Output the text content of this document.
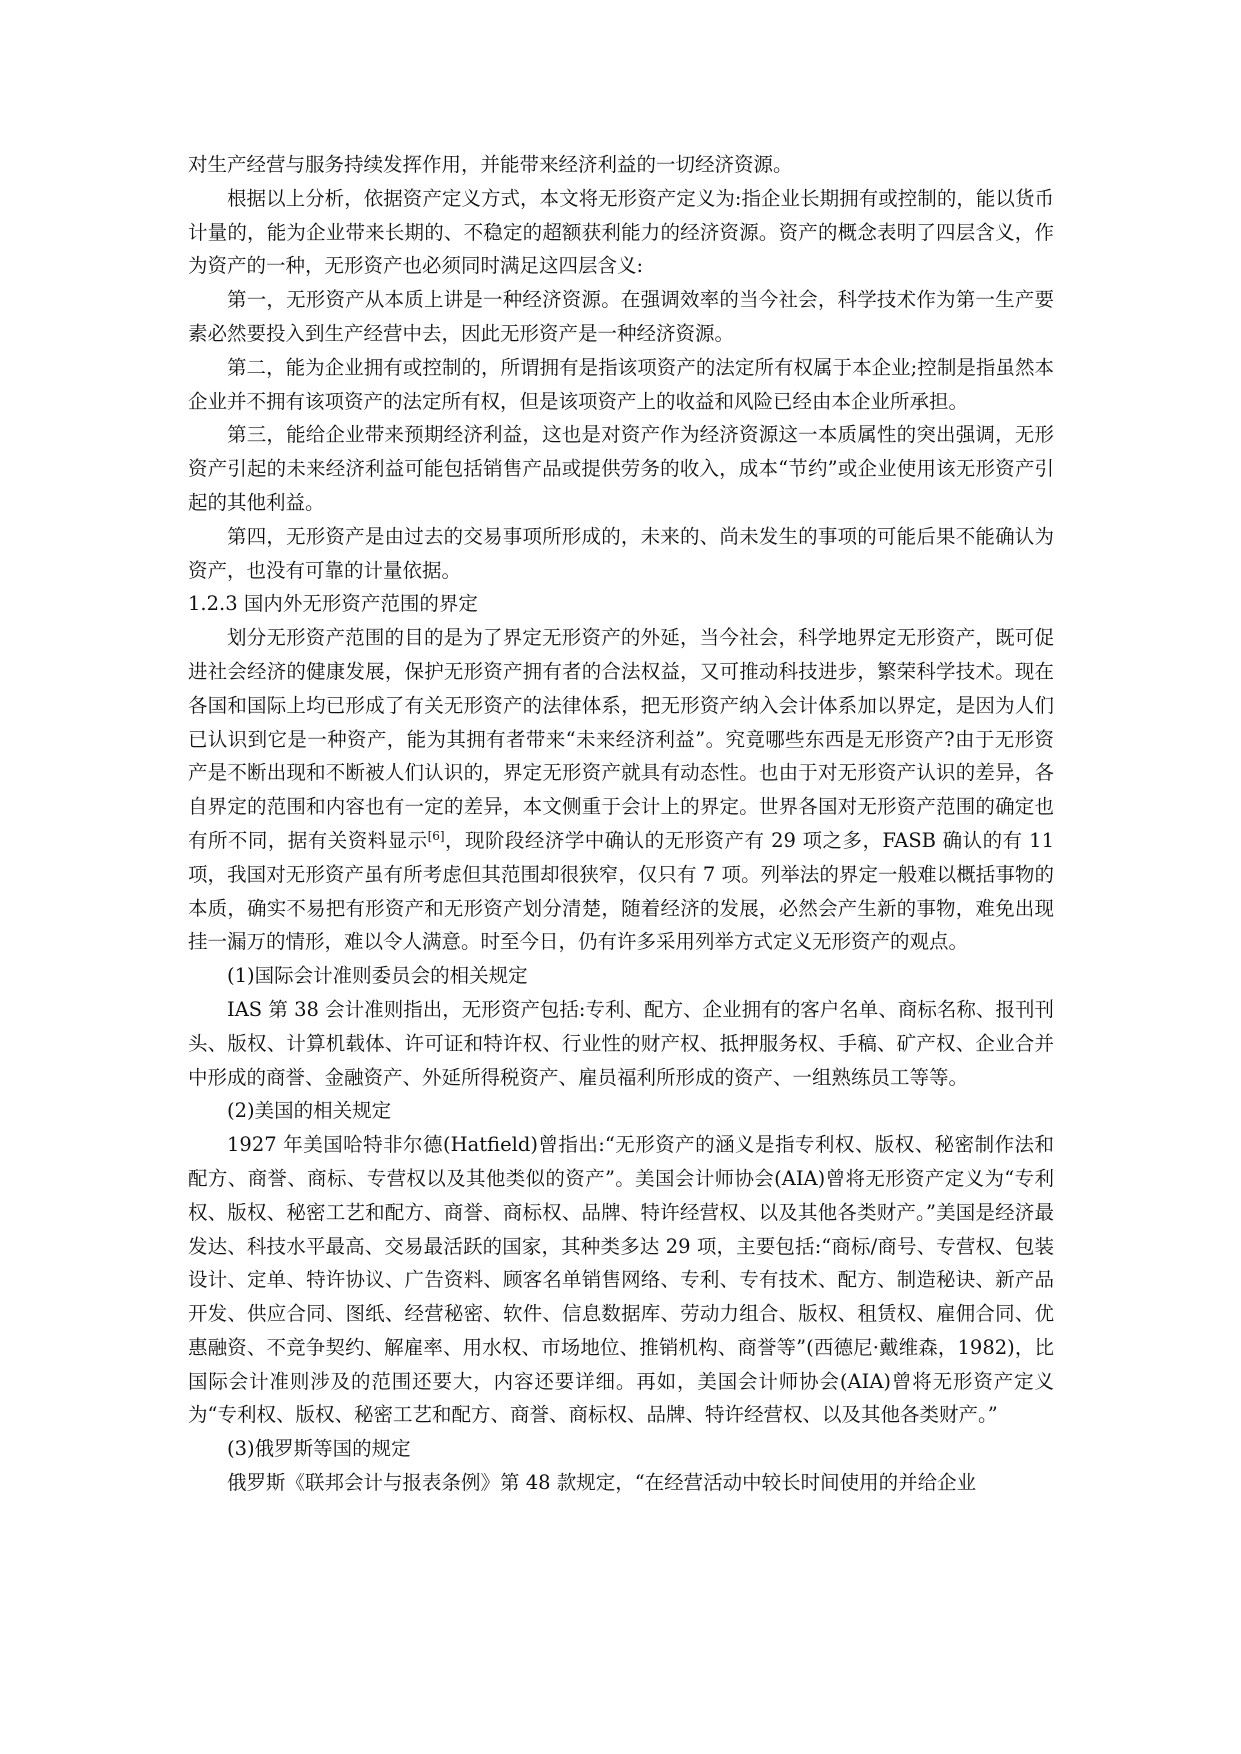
对生产经营与服务持续发挥作用，并能带来经济利益的一切经济资源。

根据以上分析，依据资产定义方式，本文将无形资产定义为:指企业长期拥有或控制的，能以货币计量的，能为企业带来长期的、不稳定的超额获利能力的经济资源。资产的概念表明了四层含义，作为资产的一种，无形资产也必须同时满足这四层含义:

第一，无形资产从本质上讲是一种经济资源。在强调效率的当今社会，科学技术作为第一生产要素必然要投入到生产经营中去，因此无形资产是一种经济资源。

第二，能为企业拥有或控制的，所谓拥有是指该项资产的法定所有权属于本企业;控制是指虽然本企业并不拥有该项资产的法定所有权，但是该项资产上的收益和风险已经由本企业所承担。

第三，能给企业带来预期经济利益，这也是对资产作为经济资源这一本质属性的突出强调，无形资产引起的未来经济利益可能包括销售产品或提供劳务的收入，成本“节约”或企业使用该无形资产引起的其他利益。

第四，无形资产是由过去的交易事项所形成的，未来的、尚未发生的事项的可能后果不能确认为资产，也没有可靠的计量依据。

1.2.3 国内外无形资产范围的界定

划分无形资产范围的目的是为了界定无形资产的外延，当今社会，科学地界定无形资产，既可促进社会经济的健康发展，保护无形资产拥有者的合法权益，又可推动科技进步，繁荣科学技术。现在各国和国际上均已形成了有关无形资产的法律体系，把无形资产纳入会计体系加以界定，是因为人们已认识到它是一种资产，能为其拥有者带来“未来经济利益”。究竟哪些东西是无形资产?由于无形资产是不断出现和不断被人们认识的，界定无形资产就具有动态性。也由于对无形资产认识的差异，各自界定的范围和内容也有一定的差异，本文侧重于会计上的界定。世界各国对无形资产范围的确定也有所不同，据有关资料显示[6]，现阶段经济学中确认的无形资产有 29 项之多，FASB 确认的有 11 项，我国对无形资产虽有所考虑但其范围却很狭窄，仅只有 7 项。列举法的界定一般难以概括事物的本质，确实不易把有形资产和无形资产划分清楚，随着经济的发展，必然会产生新的事物，难免出现挂一漏万的情形，难以令人满意。时至今日，仍有许多采用列举方式定义无形资产的观点。

(1)国际会计准则委员会的相关规定

IAS 第 38 会计准则指出，无形资产包括:专利、配方、企业拥有的客户名单、商标名称、报刊刊头、版权、计算机载体、许可证和特许权、行业性的财产权、抵押服务权、手稿、矿产权、企业合并中形成的商誉、金融资产、外延所得税资产、雇员福利所形成的资产、一组熟练员工等等。

(2)美国的相关规定

1927 年美国哈特非尔德(Hatfield)曾指出:“无形资产的涵义是指专利权、版权、秘密制作法和配方、商誉、商标、专营权以及其他类似的资产”。美国会计师协会(AIA)曾将无形资产定义为“专利权、版权、秘密工艺和配方、商誉、商标权、品牌、特许经营权、以及其他各类财产。”美国是经济最发达、科技水平最高、交易最活跃的国家，其种类多达 29 项，主要包括:“商标/商号、专营权、包装设计、定单、特许协议、广告资料、顾客名单销售网络、专利、专有技术、配方、制造秘诀、新产品开发、供应合同、图纸、经营秘密、软件、信息数据库、劳动力组合、版权、租赁权、雇佣合同、优惠融资、不竞争契约、解雇率、用水权、市场地位、推销机构、商誉等”(西德尼·戴维森，1982)，比国际会计准则涉及的范围还要大，内容还要详细。再如，美国会计师协会(AIA)曾将无形资产定义为“专利权、版权、秘密工艺和配方、商誉、商标权、品牌、特许经营权、以及其他各类财产。”

(3)俄罗斯等国的规定

俄罗斯《联邦会计与报表条例》第 48 款规定，“在经营活动中较长时间使用的并给企业
